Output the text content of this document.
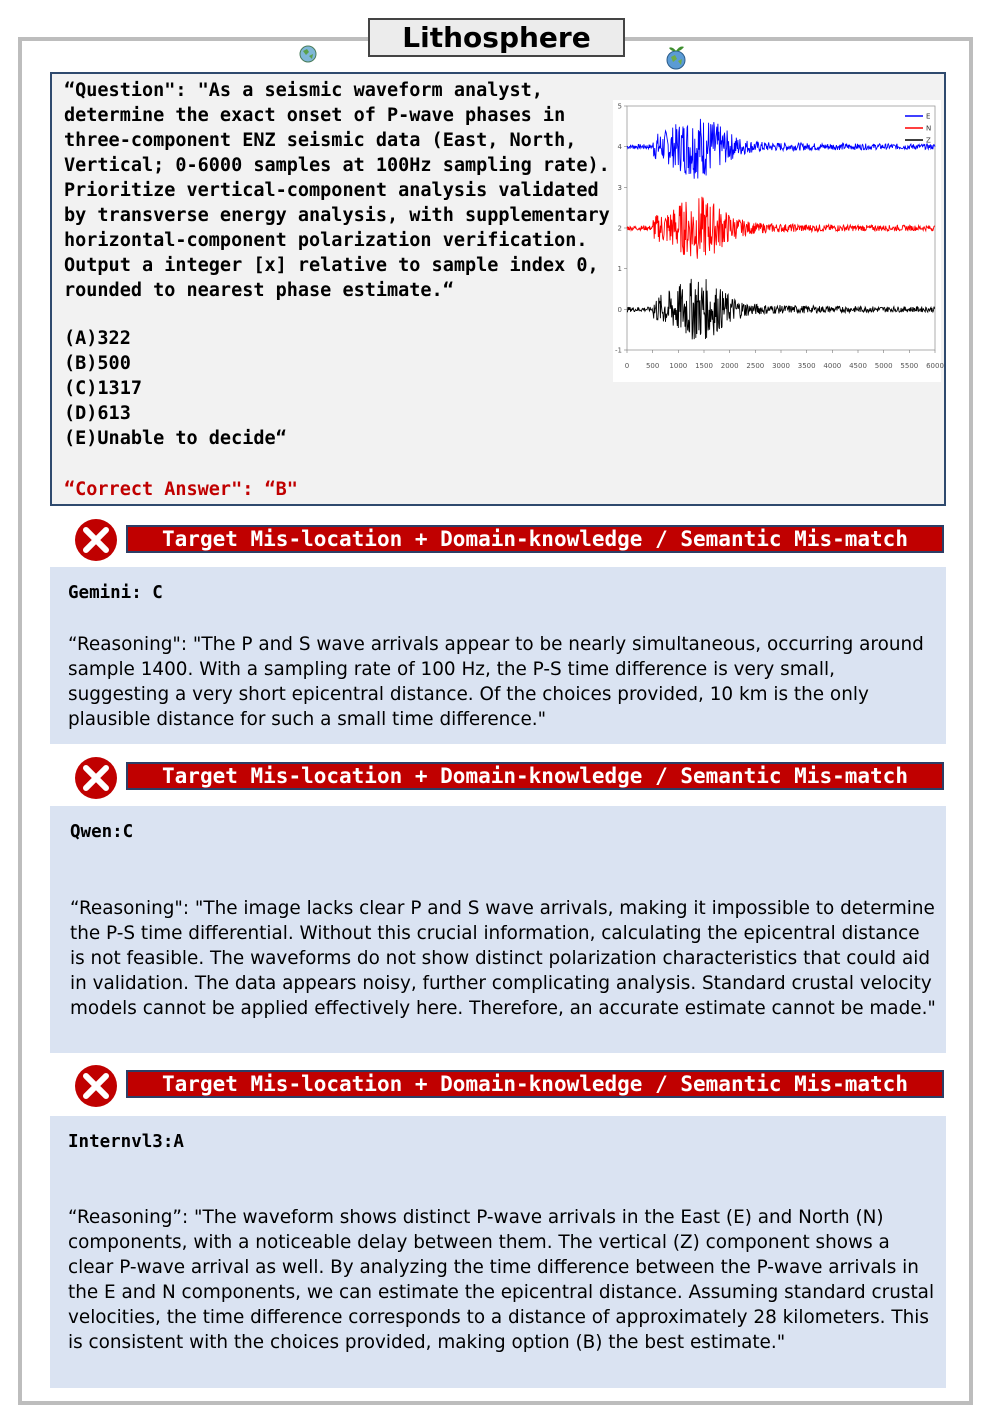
Lithosphere
“Question": "As a seismic waveform analyst, determine the exact onset of P-wave phases in three-component ENZ seismic data (East, North, Vertical; 0-6000 samples at 100Hz sampling rate). Prioritize vertical-component analysis validated by transverse energy analysis, with supplementary horizontal-component polarization verification. Output a integer [x] relative to sample index 0, rounded to nearest phase estimate.“
(A)322
(B)500
(C)1317
(D)613
(E)Unable to decide“
“Correct Answer": “B"
0 500 1000 1500 2000 2500 3000 3500 4000 4500 5000 5500 6000
-1
0
1
2
3
4
5
E
N
Z
Target Mis-location + Domain-knowledge / Semantic Mis-match
Gemini: C
“Reasoning": "The P and S wave arrivals appear to be nearly simultaneous, occurring around sample 1400. With a sampling rate of 100 Hz, the P-S time difference is very small, suggesting a very short epicentral distance. Of the choices provided, 10 km is the only plausible distance for such a small time difference."
Target Mis-location + Domain-knowledge / Semantic Mis-match
Qwen:C
“Reasoning": "The image lacks clear P and S wave arrivals, making it impossible to determine the P-S time differential. Without this crucial information, calculating the epicentral distance is not feasible. The waveforms do not show distinct polarization characteristics that could aid in validation. The data appears noisy, further complicating analysis. Standard crustal velocity models cannot be applied effectively here. Therefore, an accurate estimate cannot be made."
Target Mis-location + Domain-knowledge / Semantic Mis-match
Internvl3:A
“Reasoning”: "The waveform shows distinct P-wave arrivals in the East (E) and North (N) components, with a noticeable delay between them. The vertical (Z) component shows a clear P-wave arrival as well. By analyzing the time difference between the P-wave arrivals in the E and N components, we can estimate the epicentral distance. Assuming standard crustal velocities, the time difference corresponds to a distance of approximately 28 kilometers. This is consistent with the choices provided, making option (B) the best estimate."
